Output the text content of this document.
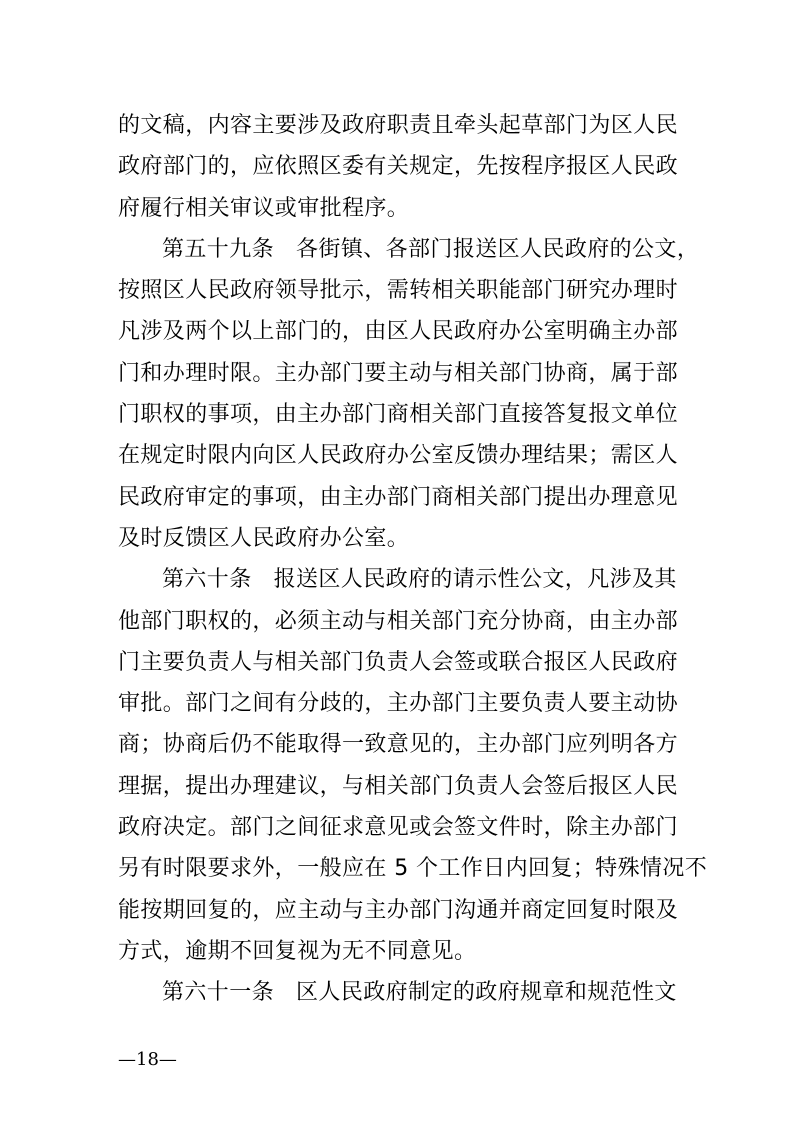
的文稿，内容主要涉及政府职责且牵头起草部门为区人民
政府部门的，应依照区委有关规定，先按程序报区人民政
府履行相关审议或审批程序。
第五十九条 各街镇、各部门报送区人民政府的公文，
按照区人民政府领导批示，需转相关职能部门研究办理时
凡涉及两个以上部门的，由区人民政府办公室明确主办部
门和办理时限。主办部门要主动与相关部门协商，属于部
门职权的事项，由主办部门商相关部门直接答复报文单位
在规定时限内向区人民政府办公室反馈办理结果；需区人
民政府审定的事项，由主办部门商相关部门提出办理意见
及时反馈区人民政府办公室。
第六十条 报送区人民政府的请示性公文，凡涉及其
他部门职权的，必须主动与相关部门充分协商，由主办部
门主要负责人与相关部门负责人会签或联合报区人民政府
审批。部门之间有分歧的，主办部门主要负责人要主动协
商；协商后仍不能取得一致意见的，主办部门应列明各方
理据，提出办理建议，与相关部门负责人会签后报区人民
政府决定。部门之间征求意见或会签文件时，除主办部门
另有时限要求外，一般应在 5 个工作日内回复；特殊情况不
能按期回复的，应主动与主办部门沟通并商定回复时限及
方式，逾期不回复视为无不同意见。
第六十一条 区人民政府制定的政府规章和规范性文
—18—
